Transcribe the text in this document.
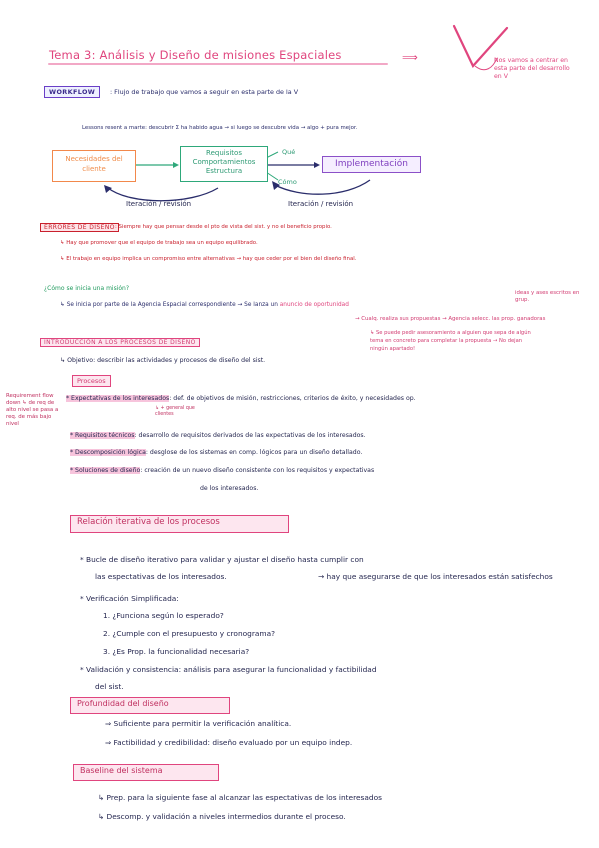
Tema 3: Análisis y Diseño de misiones Espaciales	⟹	Nos vamos a centrar en esta parte del desarrollo en V
WORKFLOW	: Flujo de trabajo que vamos a seguir en esta parte de la V
Lessons resent a marte: descubrir Σ ha habido agua → si luego se descubre vida → algo + pura mejor.
Necesidades del
cliente
Requisitos
Comportamientos
Estructura
Qué
Cómo
Implementación
Iteración / revisión	Iteración / revisión
ERRORES DE DISEÑO : Siempre hay que pensar desde el pto de vista del sist. y no el beneficio propio.
↳ Hay que promover que el equipo de trabajo sea un equipo equilibrado.
↳ El trabajo en equipo implica un compromiso entre alternativas → hay que ceder por el bien del diseño final.
¿Cómo se inicia una misión?
↳ Se inicia por parte de la Agencia Espacial correspondiente → Se lanza un anuncio de oportunidad
ideas y ases escritos en grup.
→ Cualq. realiza sus propuestas → Agencia selecc. las prop. ganadoras
↳ Se puede pedir asesoramiento a alguien que sepa de algún tema en concreto para completar la propuesta → No dejan ningún apartado!
INTRODUCCIÓN A LOS PROCESOS DE DISEÑO
↳ Objetivo: describir las actividades y procesos de diseño del sist.
Procesos
Requirement flow down ↳ de req de alto nivel se pasa a req. de más bajo nivel
* Expectativas de los interesados: def. de objetivos de misión, restricciones, criterios de éxito, y necesidades op.
↳ + general que clientes
* Requisitos técnicos: desarrollo de requisitos derivados de las expectativas de los interesados.
* Descomposición lógica: desglose de los sistemas en comp. lógicos para un diseño detallado.
* Soluciones de diseño: creación de un nuevo diseño consistente con los requisitos y expectativas
de los interesados.
Relación iterativa de los procesos
* Bucle de diseño iterativo para validar y ajustar el diseño hasta cumplir con
las espectativas de los interesados.	→ hay que asegurarse de que los interesados están satisfechos
* Verificación Simplificada:
1. ¿Funciona según lo esperado?
2. ¿Cumple con el presupuesto y cronograma?
3. ¿Es Prop. la funcionalidad necesaria?
* Validación y consistencia: análisis para asegurar la funcionalidad y factibilidad
del sist.
Profundidad del diseño
⇒ Suficiente para permitir la verificación analítica.
⇒ Factibilidad y credibilidad: diseño evaluado por un equipo indep.
Baseline del sistema
↳ Prep. para la siguiente fase al alcanzar las espectativas de los interesados
↳ Descomp. y validación a niveles intermedios durante el proceso.
